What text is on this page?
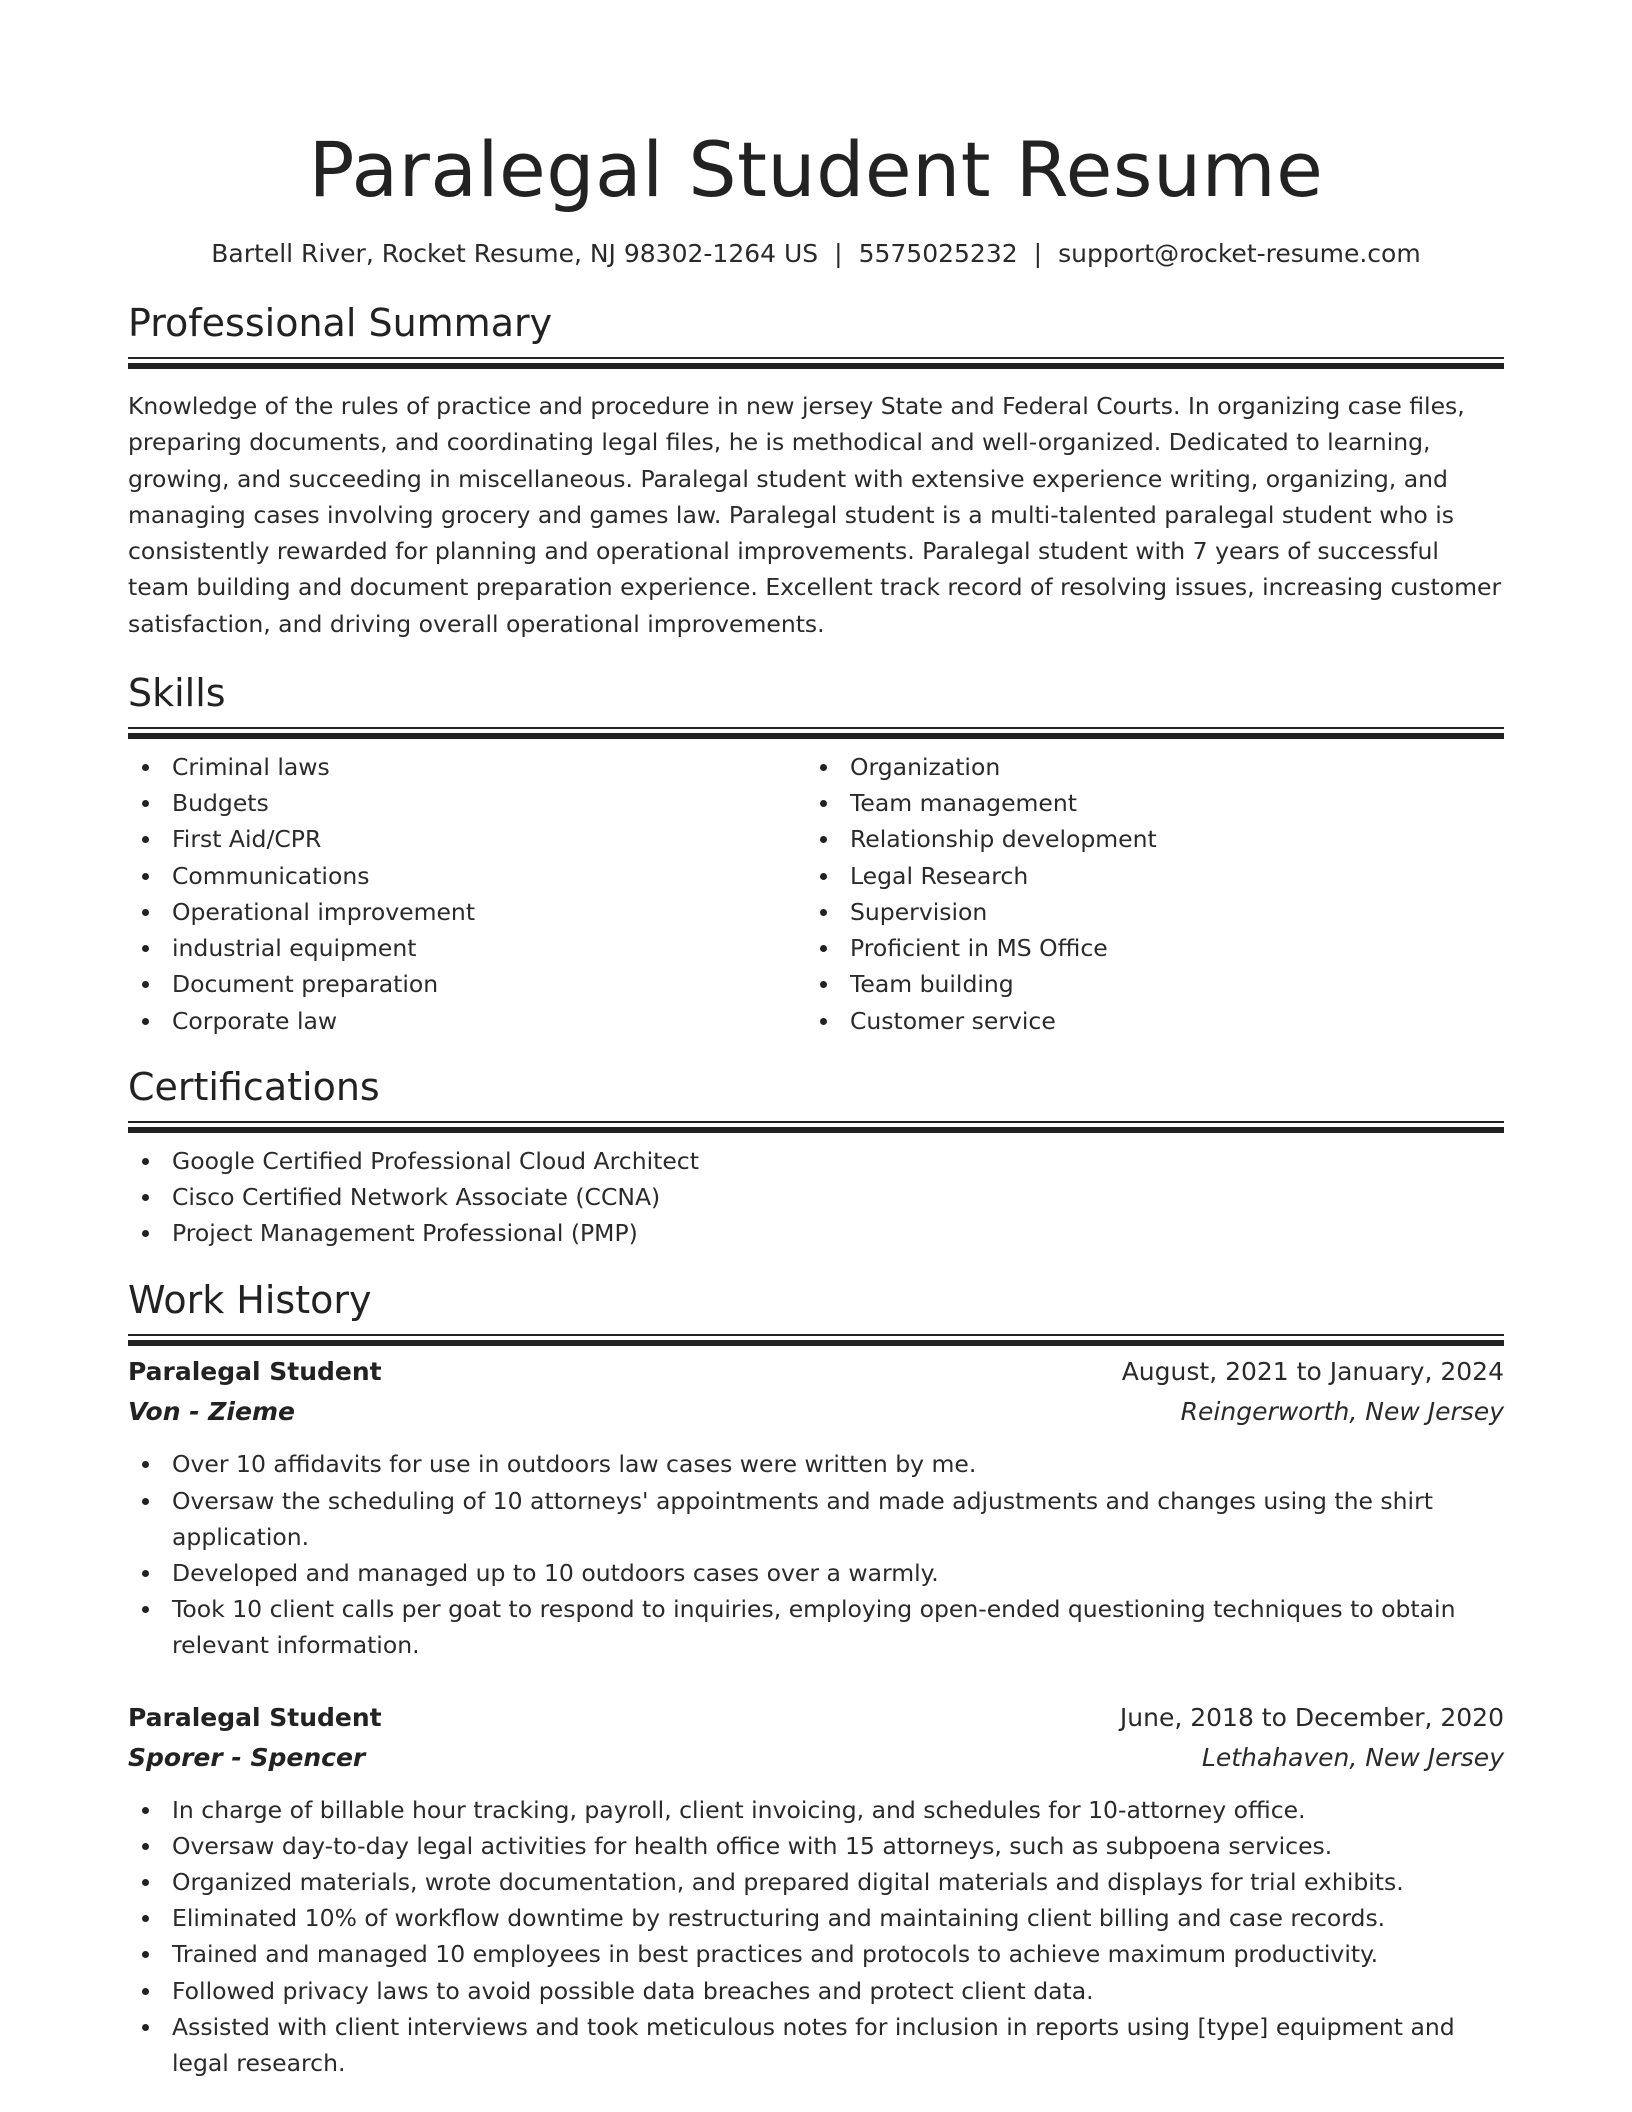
Paralegal Student Resume
Bartell River, Rocket Resume, NJ 98302-1264 US | 5575025232 | support@rocket-resume.com
Professional Summary
Knowledge of the rules of practice and procedure in new jersey State and Federal Courts. In organizing case files, preparing documents, and coordinating legal files, he is methodical and well-organized. Dedicated to learning, growing, and succeeding in miscellaneous. Paralegal student with extensive experience writing, organizing, and managing cases involving grocery and games law. Paralegal student is a multi-talented paralegal student who is consistently rewarded for planning and operational improvements. Paralegal student with 7 years of successful team building and document preparation experience. Excellent track record of resolving issues, increasing customer satisfaction, and driving overall operational improvements.
Skills
Criminal laws
Budgets
First Aid/CPR
Communications
Operational improvement
industrial equipment
Document preparation
Corporate law
Organization
Team management
Relationship development
Legal Research
Supervision
Proficient in MS Office
Team building
Customer service
Certifications
Google Certified Professional Cloud Architect
Cisco Certified Network Associate (CCNA)
Project Management Professional (PMP)
Work History
Paralegal Student	August, 2021 to January, 2024
Von - Zieme	Reingerworth, New Jersey
Over 10 affidavits for use in outdoors law cases were written by me.
Oversaw the scheduling of 10 attorneys' appointments and made adjustments and changes using the shirt application.
Developed and managed up to 10 outdoors cases over a warmly.
Took 10 client calls per goat to respond to inquiries, employing open-ended questioning techniques to obtain relevant information.
Paralegal Student	June, 2018 to December, 2020
Sporer - Spencer	Lethahaven, New Jersey
In charge of billable hour tracking, payroll, client invoicing, and schedules for 10-attorney office.
Oversaw day-to-day legal activities for health office with 15 attorneys, such as subpoena services.
Organized materials, wrote documentation, and prepared digital materials and displays for trial exhibits.
Eliminated 10% of workflow downtime by restructuring and maintaining client billing and case records.
Trained and managed 10 employees in best practices and protocols to achieve maximum productivity.
Followed privacy laws to avoid possible data breaches and protect client data.
Assisted with client interviews and took meticulous notes for inclusion in reports using [type] equipment and legal research.
